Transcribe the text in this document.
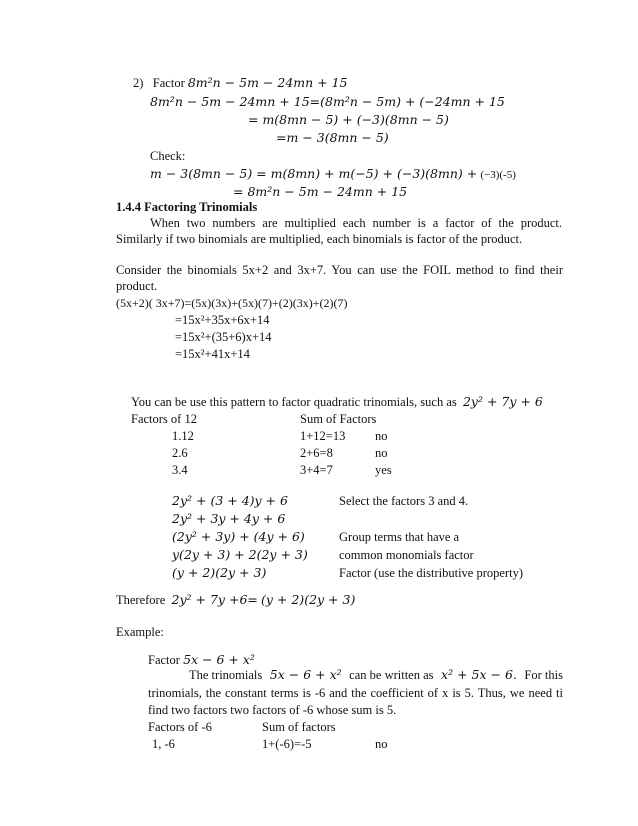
2) Factor 8m²n − 5m − 24mn + 15
8m²n − 5m − 24mn + 15=(8m²n − 5m) + (−24mn + 15
= m(8mn − 5) + (−3)(8mn − 5)
=m − 3(8mn − 5)
Check:
m − 3(8mn − 5) = m(8mn) + m(−5) + (−3)(8mn) + (−3)(-5)
= 8m²n − 5m − 24mn + 15
1.4.4 Factoring Trinomials
When two numbers are multiplied each number is a factor of the product.
Similarly if two binomials are multiplied, each binomials is factor of the product.
Consider the binomials 5x+2 and 3x+7. You can use the FOIL method to find their
product.
(5x+2)( 3x+7)=(5x)(3x)+(5x)(7)+(2)(3x)+(2)(7)
=15x²+35x+6x+14
=15x²+(35+6)x+14
=15x²+41x+14
You can be use this pattern to factor quadratic trinomials, such as 2y² + 7y + 6
Factors of 12	Sum of Factors
1.12	1+12=13 no
2.6	2+6=8	no
3.4	3+4=7	yes
2y² + (3 + 4)y + 6	Select the factors 3 and 4.
2y² + 3y + 4y + 6
(2y² + 3y) + (4y + 6)	Group terms that have a
y(2y + 3) + 2(2y + 3)	common monomials factor
(y + 2)(2y + 3)	Factor (use the distributive property)
Therefore 2y² + 7y +6= (y + 2)(2y + 3)
Example:
Factor 5x − 6 + x²
The trinomials 5x − 6 + x² can be written as x² + 5x − 6. For this
trinomials, the constant terms is -6 and the coefficient of x is 5. Thus, we need ti
find two factors two factors of -6 whose sum is 5.
Factors of -6	Sum of factors
1, -6	1+(-6)=-5	no
